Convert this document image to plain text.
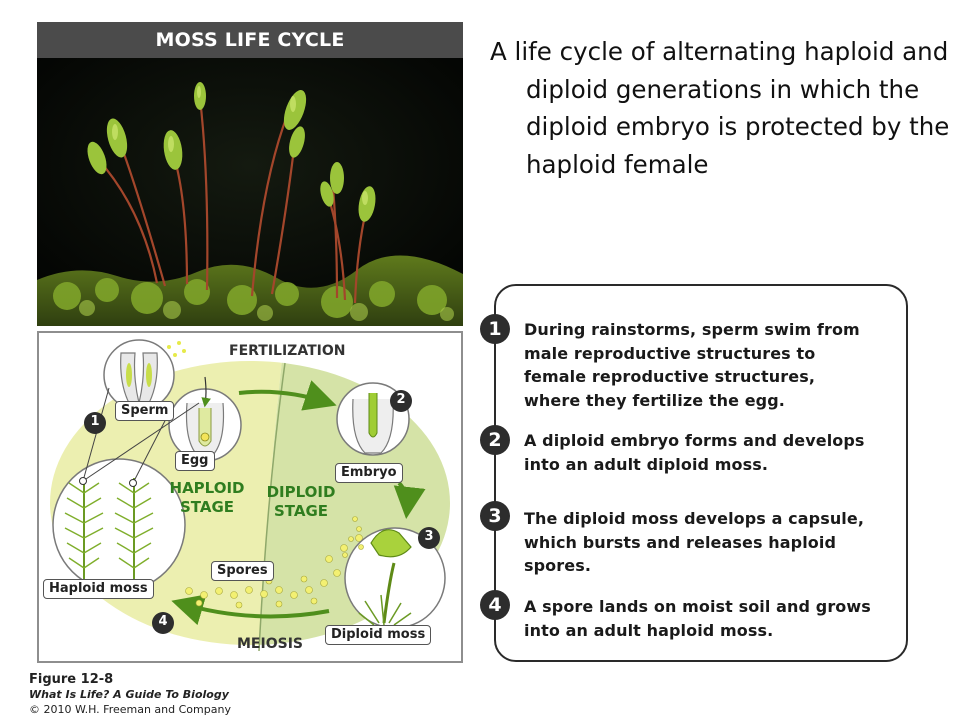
MOSS LIFE CYCLE
1
2
3
4
FERTILIZATION
MEIOSIS
HAPLOID
STAGE
DIPLOID
STAGE
Sperm
Egg
Embryo
Spores
Haploid moss
Diploid moss
A life cycle of alternating haploid and diploid generations in which the diploid embryo is protected by the haploid female
1	During rainstorms, sperm swim from
male reproductive structures to
female reproductive structures,
where they fertilize the egg.
2	A diploid embryo forms and develops
into an adult diploid moss.
3	The diploid moss develops a capsule,
which bursts and releases haploid
spores.
4	A spore lands on moist soil and grows
into an adult haploid moss.
Figure 12-8
What Is Life? A Guide To Biology
© 2010 W.H. Freeman and Company
